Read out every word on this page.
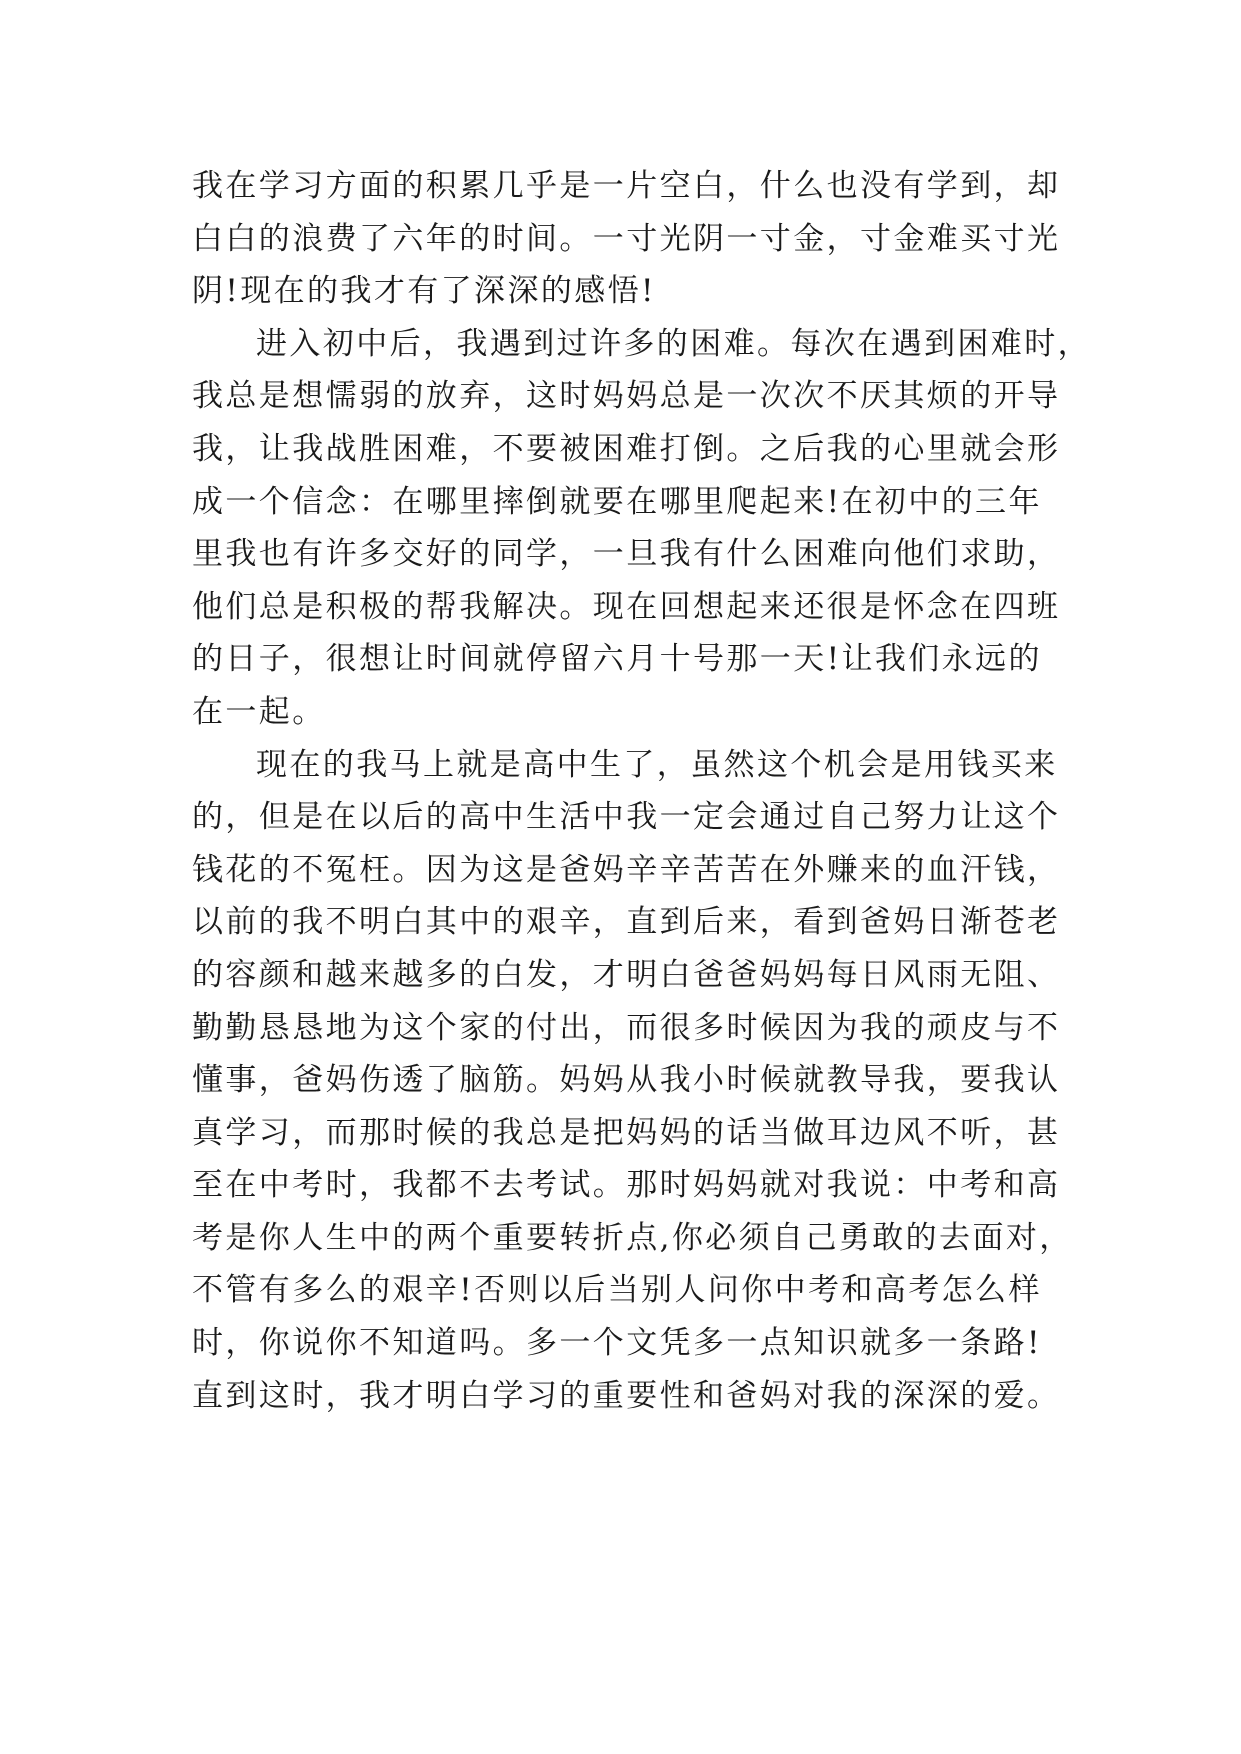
我在学习方面的积累几乎是一片空白，什么也没有学到，却
白白的浪费了六年的时间。一寸光阴一寸金，寸金难买寸光
阴!现在的我才有了深深的感悟!
进入初中后，我遇到过许多的困难。每次在遇到困难时，
我总是想懦弱的放弃，这时妈妈总是一次次不厌其烦的开导
我，让我战胜困难，不要被困难打倒。之后我的心里就会形
成一个信念：在哪里摔倒就要在哪里爬起来!在初中的三年
里我也有许多交好的同学，一旦我有什么困难向他们求助，
他们总是积极的帮我解决。现在回想起来还很是怀念在四班
的日子，很想让时间就停留六月十号那一天!让我们永远的
在一起。
现在的我马上就是高中生了，虽然这个机会是用钱买来
的，但是在以后的高中生活中我一定会通过自己努力让这个
钱花的不冤枉。因为这是爸妈辛辛苦苦在外赚来的血汗钱，
以前的我不明白其中的艰辛，直到后来，看到爸妈日渐苍老
的容颜和越来越多的白发，才明白爸爸妈妈每日风雨无阻、
勤勤恳恳地为这个家的付出，而很多时候因为我的顽皮与不
懂事，爸妈伤透了脑筋。妈妈从我小时候就教导我，要我认
真学习，而那时候的我总是把妈妈的话当做耳边风不听，甚
至在中考时，我都不去考试。那时妈妈就对我说：中考和高
考是你人生中的两个重要转折点,你必须自己勇敢的去面对，
不管有多么的艰辛!否则以后当别人问你中考和高考怎么样
时，你说你不知道吗。多一个文凭多一点知识就多一条路!
直到这时，我才明白学习的重要性和爸妈对我的深深的爱。
